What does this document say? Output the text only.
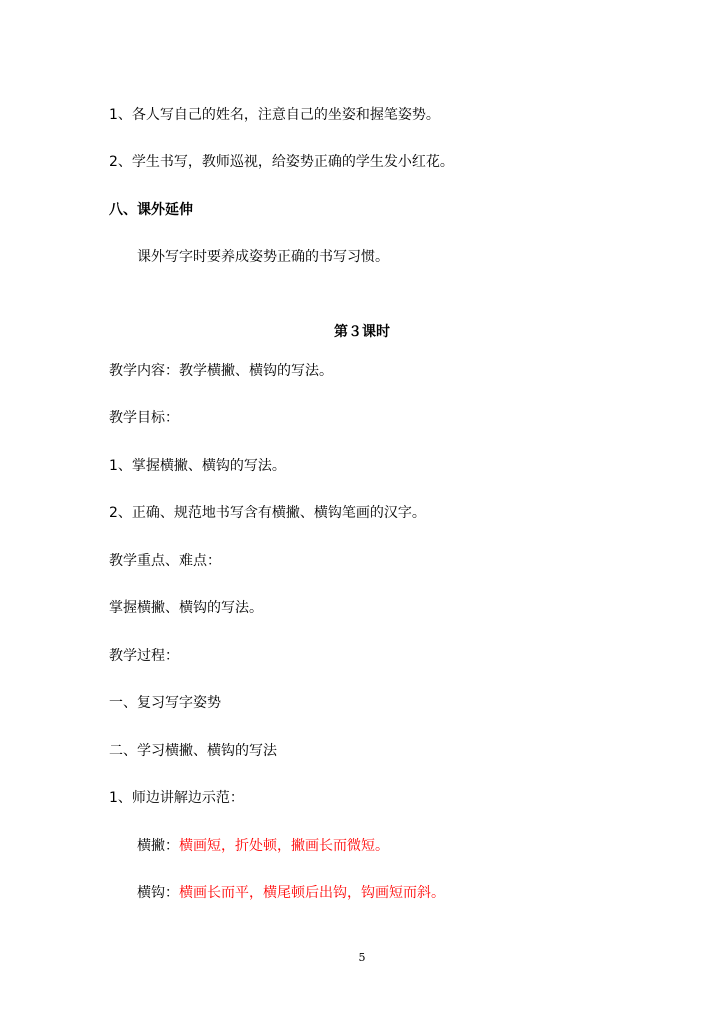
1、各人写自己的姓名，注意自己的坐姿和握笔姿势。
2、学生书写，教师巡视，给姿势正确的学生发小红花。
八、课外延伸
课外写字时要养成姿势正确的书写习惯。
第３课时
教学内容：教学横撇、横钩的写法。
教学目标：
1、掌握横撇、横钩的写法。
2、正确、规范地书写含有横撇、横钩笔画的汉字。
教学重点、难点：
掌握横撇、横钩的写法。
教学过程：
一、复习写字姿势
二、学习横撇、横钩的写法
1、师边讲解边示范：
横撇：横画短，折处顿，撇画长而微短。
横钩：横画长而平，横尾顿后出钩，钩画短而斜。
5
